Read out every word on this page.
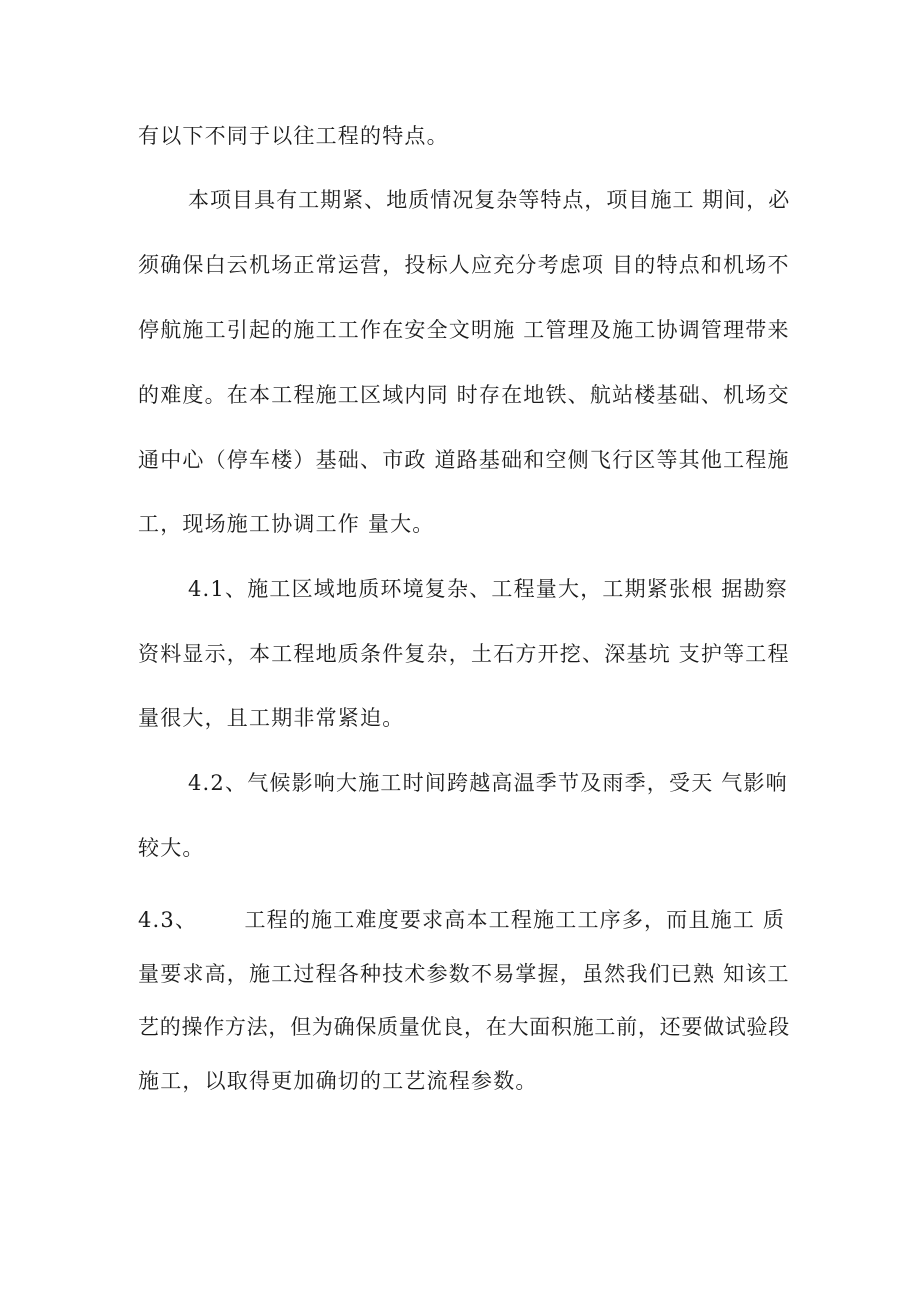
有以下不同于以往工程的特点。

本项目具有工期紧、地质情况复杂等特点，项目施工 期间，必

须确保白云机场正常运营，投标人应充分考虑项 目的特点和机场不

停航施工引起的施工工作在安全文明施 工管理及施工协调管理带来

的难度。在本工程施工区域内同 时存在地铁、航站楼基础、机场交

通中心（停车楼）基础、市政 道路基础和空侧飞行区等其他工程施

工，现场施工协调工作 量大。

4.1、施工区域地质环境复杂、工程量大，工期紧张根 据勘察

资料显示，本工程地质条件复杂，土石方开挖、深基坑 支护等工程

量很大，且工期非常紧迫。

4.2、气候影响大施工时间跨越高温季节及雨季，受天 气影响

较大。

4.3、      工程的施工难度要求高本工程施工工序多，而且施工 质

量要求高，施工过程各种技术参数不易掌握，虽然我们已熟 知该工

艺的操作方法，但为确保质量优良，在大面积施工前，还要做试验段

施工，以取得更加确切的工艺流程参数。
